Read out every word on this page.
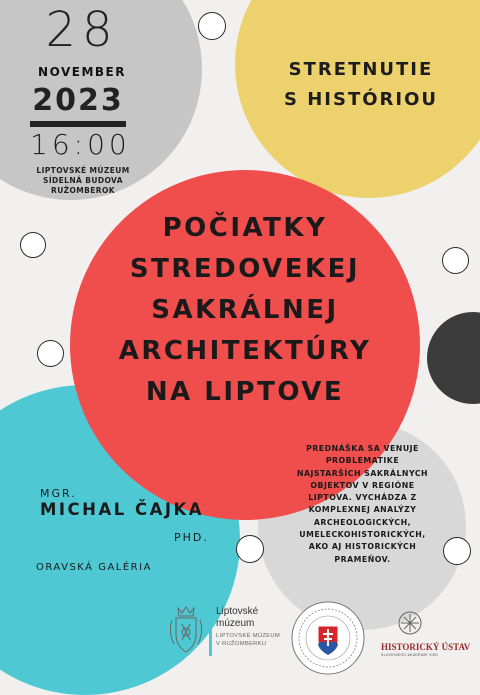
28
NOVEMBER
2023
16:00
LIPTOVSKÉ MÚZEUM
SÍDELNÁ BUDOVA
RUŽOMBEROK
STRETNUTIE
S HISTÓRIOU
POČIATKY
STREDOVEKEJ
SAKRÁLNEJ
ARCHITEKTÚRY
NA LIPTOVE
MGR.
MICHAL ČAJKA
PHD.
ORAVSKÁ GALÉRIA
PREDNÁŠKA SA VENUJE
PROBLEMATIKE
NAJSTARŠÍCH SAKRÁLNYCH
OBJEKTOV V REGIÓNE
LIPTOVA. VYCHÁDZA Z
KOMPLEXNEJ ANALÝZY
ARCHEOLOGICKÝCH,
UMELECKOHISTORICKÝCH,
AKO AJ HISTORICKÝCH
PRAMEŇOV.
Liptovské
múzeum
LIPTOVSKÉ MÚZEUM
V RUŽOMBERKU	HISTORICKÝ ÚSTAV
SLOVENSKEJ AKADÉMIE VIED
